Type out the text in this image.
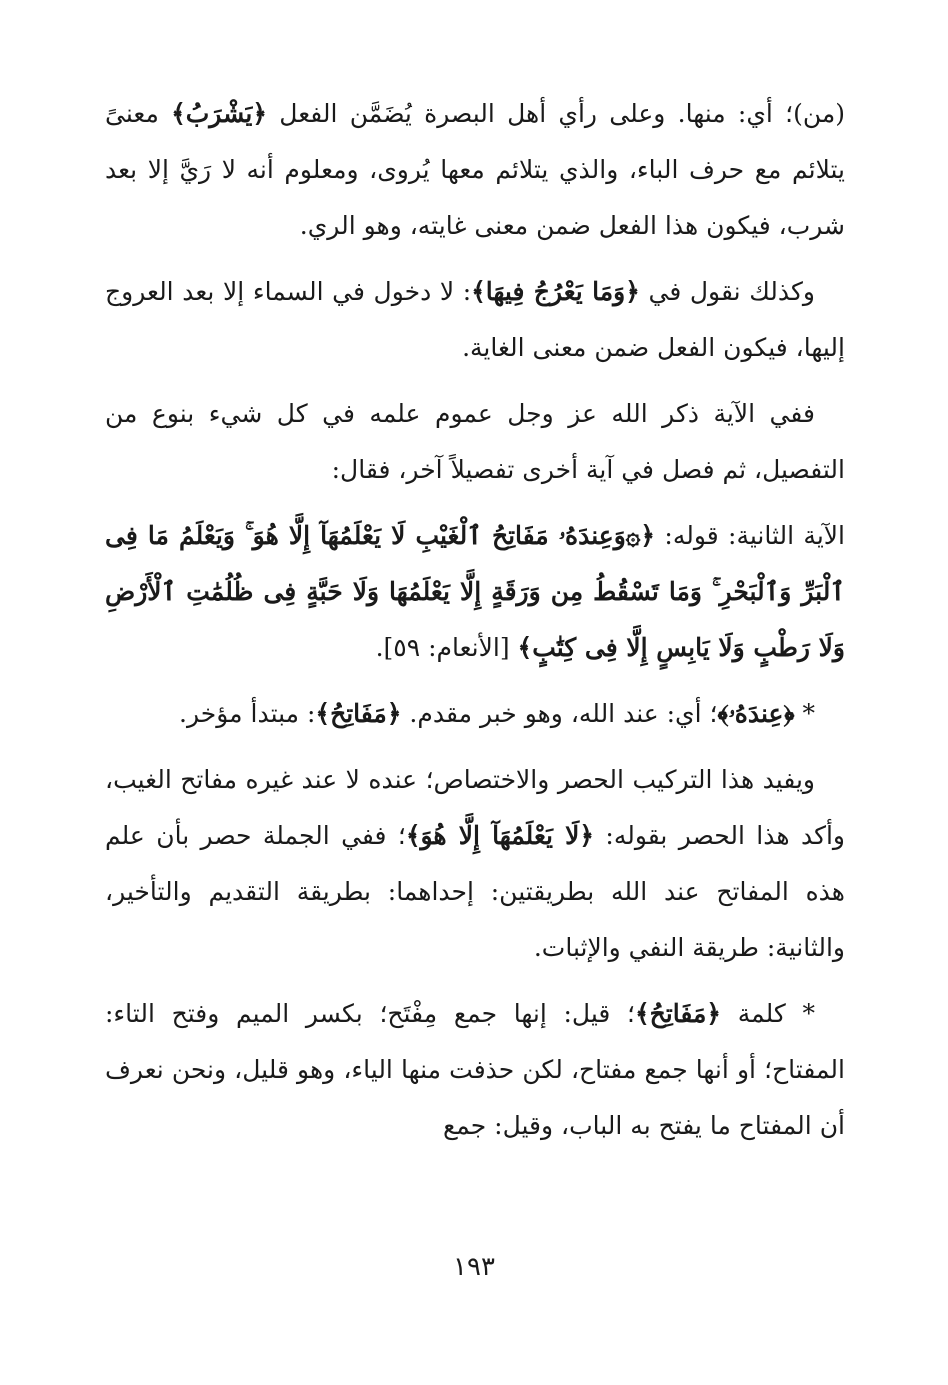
(من)؛ أي: منها. وعلى رأي أهل البصرة يُضَمَّن الفعل ﴿يَشْرَبُ﴾ معنىً يتلائم مع حرف الباء، والذي يتلائم معها يُروى، ومعلوم أنه لا رَيَّ إلا بعد شرب، فيكون هذا الفعل ضمن معنى غايته، وهو الري.

وكذلك نقول في ﴿وَمَا يَعْرُجُ فِيهَا﴾: لا دخول في السماء إلا بعد العروج إليها، فيكون الفعل ضمن معنى الغاية.

ففي الآية ذكر الله عز وجل عموم علمه في كل شيء بنوع من التفصيل، ثم فصل في آية أخرى تفصيلاً آخر، فقال:

الآية الثانية: قوله: ﴿۞وَعِندَهُۥ مَفَاتِحُ ٱلْغَيْبِ لَا يَعْلَمُهَآ إِلَّا هُوَ ۚ وَيَعْلَمُ مَا فِى ٱلْبَرِّ وَٱلْبَحْرِ ۚ وَمَا تَسْقُطُ مِن وَرَقَةٍ إِلَّا يَعْلَمُهَا وَلَا حَبَّةٍ فِى ظُلُمَٰتِ ٱلْأَرْضِ وَلَا رَطْبٍ وَلَا يَابِسٍ إِلَّا فِى كِتَٰبٍ﴾ [الأنعام: ٥٩].

* ﴿عِندَهُۥ﴾؛ أي: عند الله، وهو خبر مقدم. ﴿مَفَاتِحُ﴾: مبتدأ مؤخر.

ويفيد هذا التركيب الحصر والاختصاص؛ عنده لا عند غيره مفاتح الغيب، وأكد هذا الحصر بقوله: ﴿لَا يَعْلَمُهَآ إِلَّا هُوَ﴾؛ ففي الجملة حصر بأن علم هذه المفاتح عند الله بطريقتين: إحداهما: بطريقة التقديم والتأخير، والثانية: طريقة النفي والإثبات.

* كلمة ﴿مَفَاتِحُ﴾؛ قيل: إنها جمع مِفْتَح؛ بكسر الميم وفتح التاء: المفتاح؛ أو أنها جمع مفتاح، لكن حذفت منها الياء، وهو قليل، ونحن نعرف أن المفتاح ما يفتح به الباب، وقيل: جمع

١٩٣
